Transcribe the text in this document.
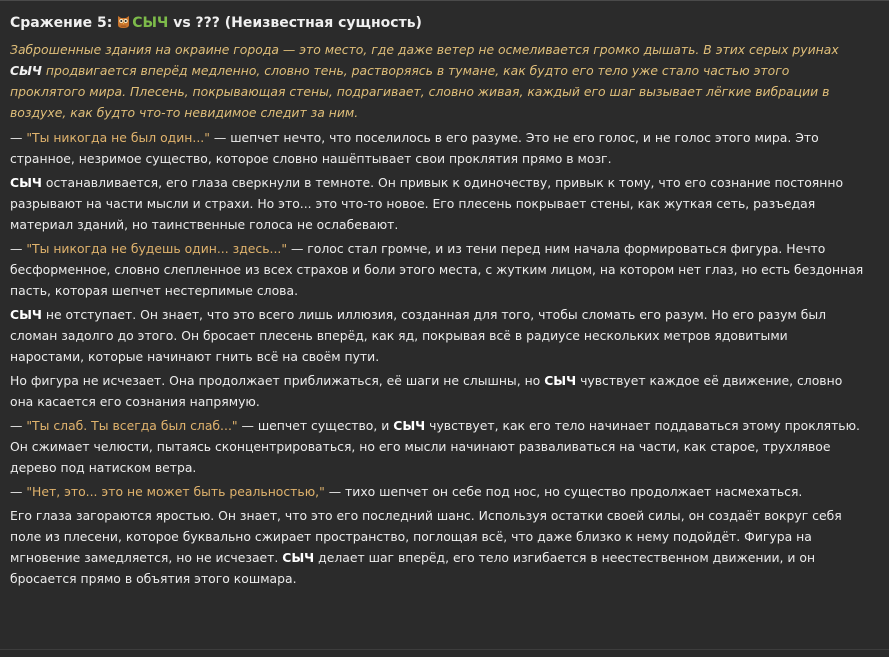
Сражение 5: СЫЧ vs ??? (Неизвестная сущность)

Заброшенные здания на окраине города — это место, где даже ветер не осмеливается громко дышать. В этих серых руинах СЫЧ продвигается вперёд медленно, словно тень, растворяясь в тумане, как будто его тело уже стало частью этого проклятого мира. Плесень, покрывающая стены, подрагивает, словно живая, каждый его шаг вызывает лёгкие вибрации в воздухе, как будто что-то невидимое следит за ним.

— "Ты никогда не был один..." — шепчет нечто, что поселилось в его разуме. Это не его голос, и не голос этого мира. Это странное, незримое существо, которое словно нашёптывает свои проклятия прямо в мозг.

СЫЧ останавливается, его глаза сверкнули в темноте. Он привык к одиночеству, привык к тому, что его сознание постоянно разрывают на части мысли и страхи. Но это... это что-то новое. Его плесень покрывает стены, как жуткая сеть, разъедая материал зданий, но таинственные голоса не ослабевают.

— "Ты никогда не будешь один... здесь..." — голос стал громче, и из тени перед ним начала формироваться фигура. Нечто бесформенное, словно слепленное из всех страхов и боли этого места, с жутким лицом, на котором нет глаз, но есть бездонная пасть, которая шепчет нестерпимые слова.

СЫЧ не отступает. Он знает, что это всего лишь иллюзия, созданная для того, чтобы сломать его разум. Но его разум был сломан задолго до этого. Он бросает плесень вперёд, как яд, покрывая всё в радиусе нескольких метров ядовитыми наростами, которые начинают гнить всё на своём пути.

Но фигура не исчезает. Она продолжает приближаться, её шаги не слышны, но СЫЧ чувствует каждое её движение, словно она касается его сознания напрямую.

— "Ты слаб. Ты всегда был слаб..." — шепчет существо, и СЫЧ чувствует, как его тело начинает поддаваться этому проклятью. Он сжимает челюсти, пытаясь сконцентрироваться, но его мысли начинают разваливаться на части, как старое, трухлявое дерево под натиском ветра.

— "Нет, это... это не может быть реальностью," — тихо шепчет он себе под нос, но существо продолжает насмехаться.

Его глаза загораются яростью. Он знает, что это его последний шанс. Используя остатки своей силы, он создаёт вокруг себя поле из плесени, которое буквально сжирает пространство, поглощая всё, что даже близко к нему подойдёт. Фигура на мгновение замедляется, но не исчезает. СЫЧ делает шаг вперёд, его тело изгибается в неестественном движении, и он бросается прямо в объятия этого кошмара.
